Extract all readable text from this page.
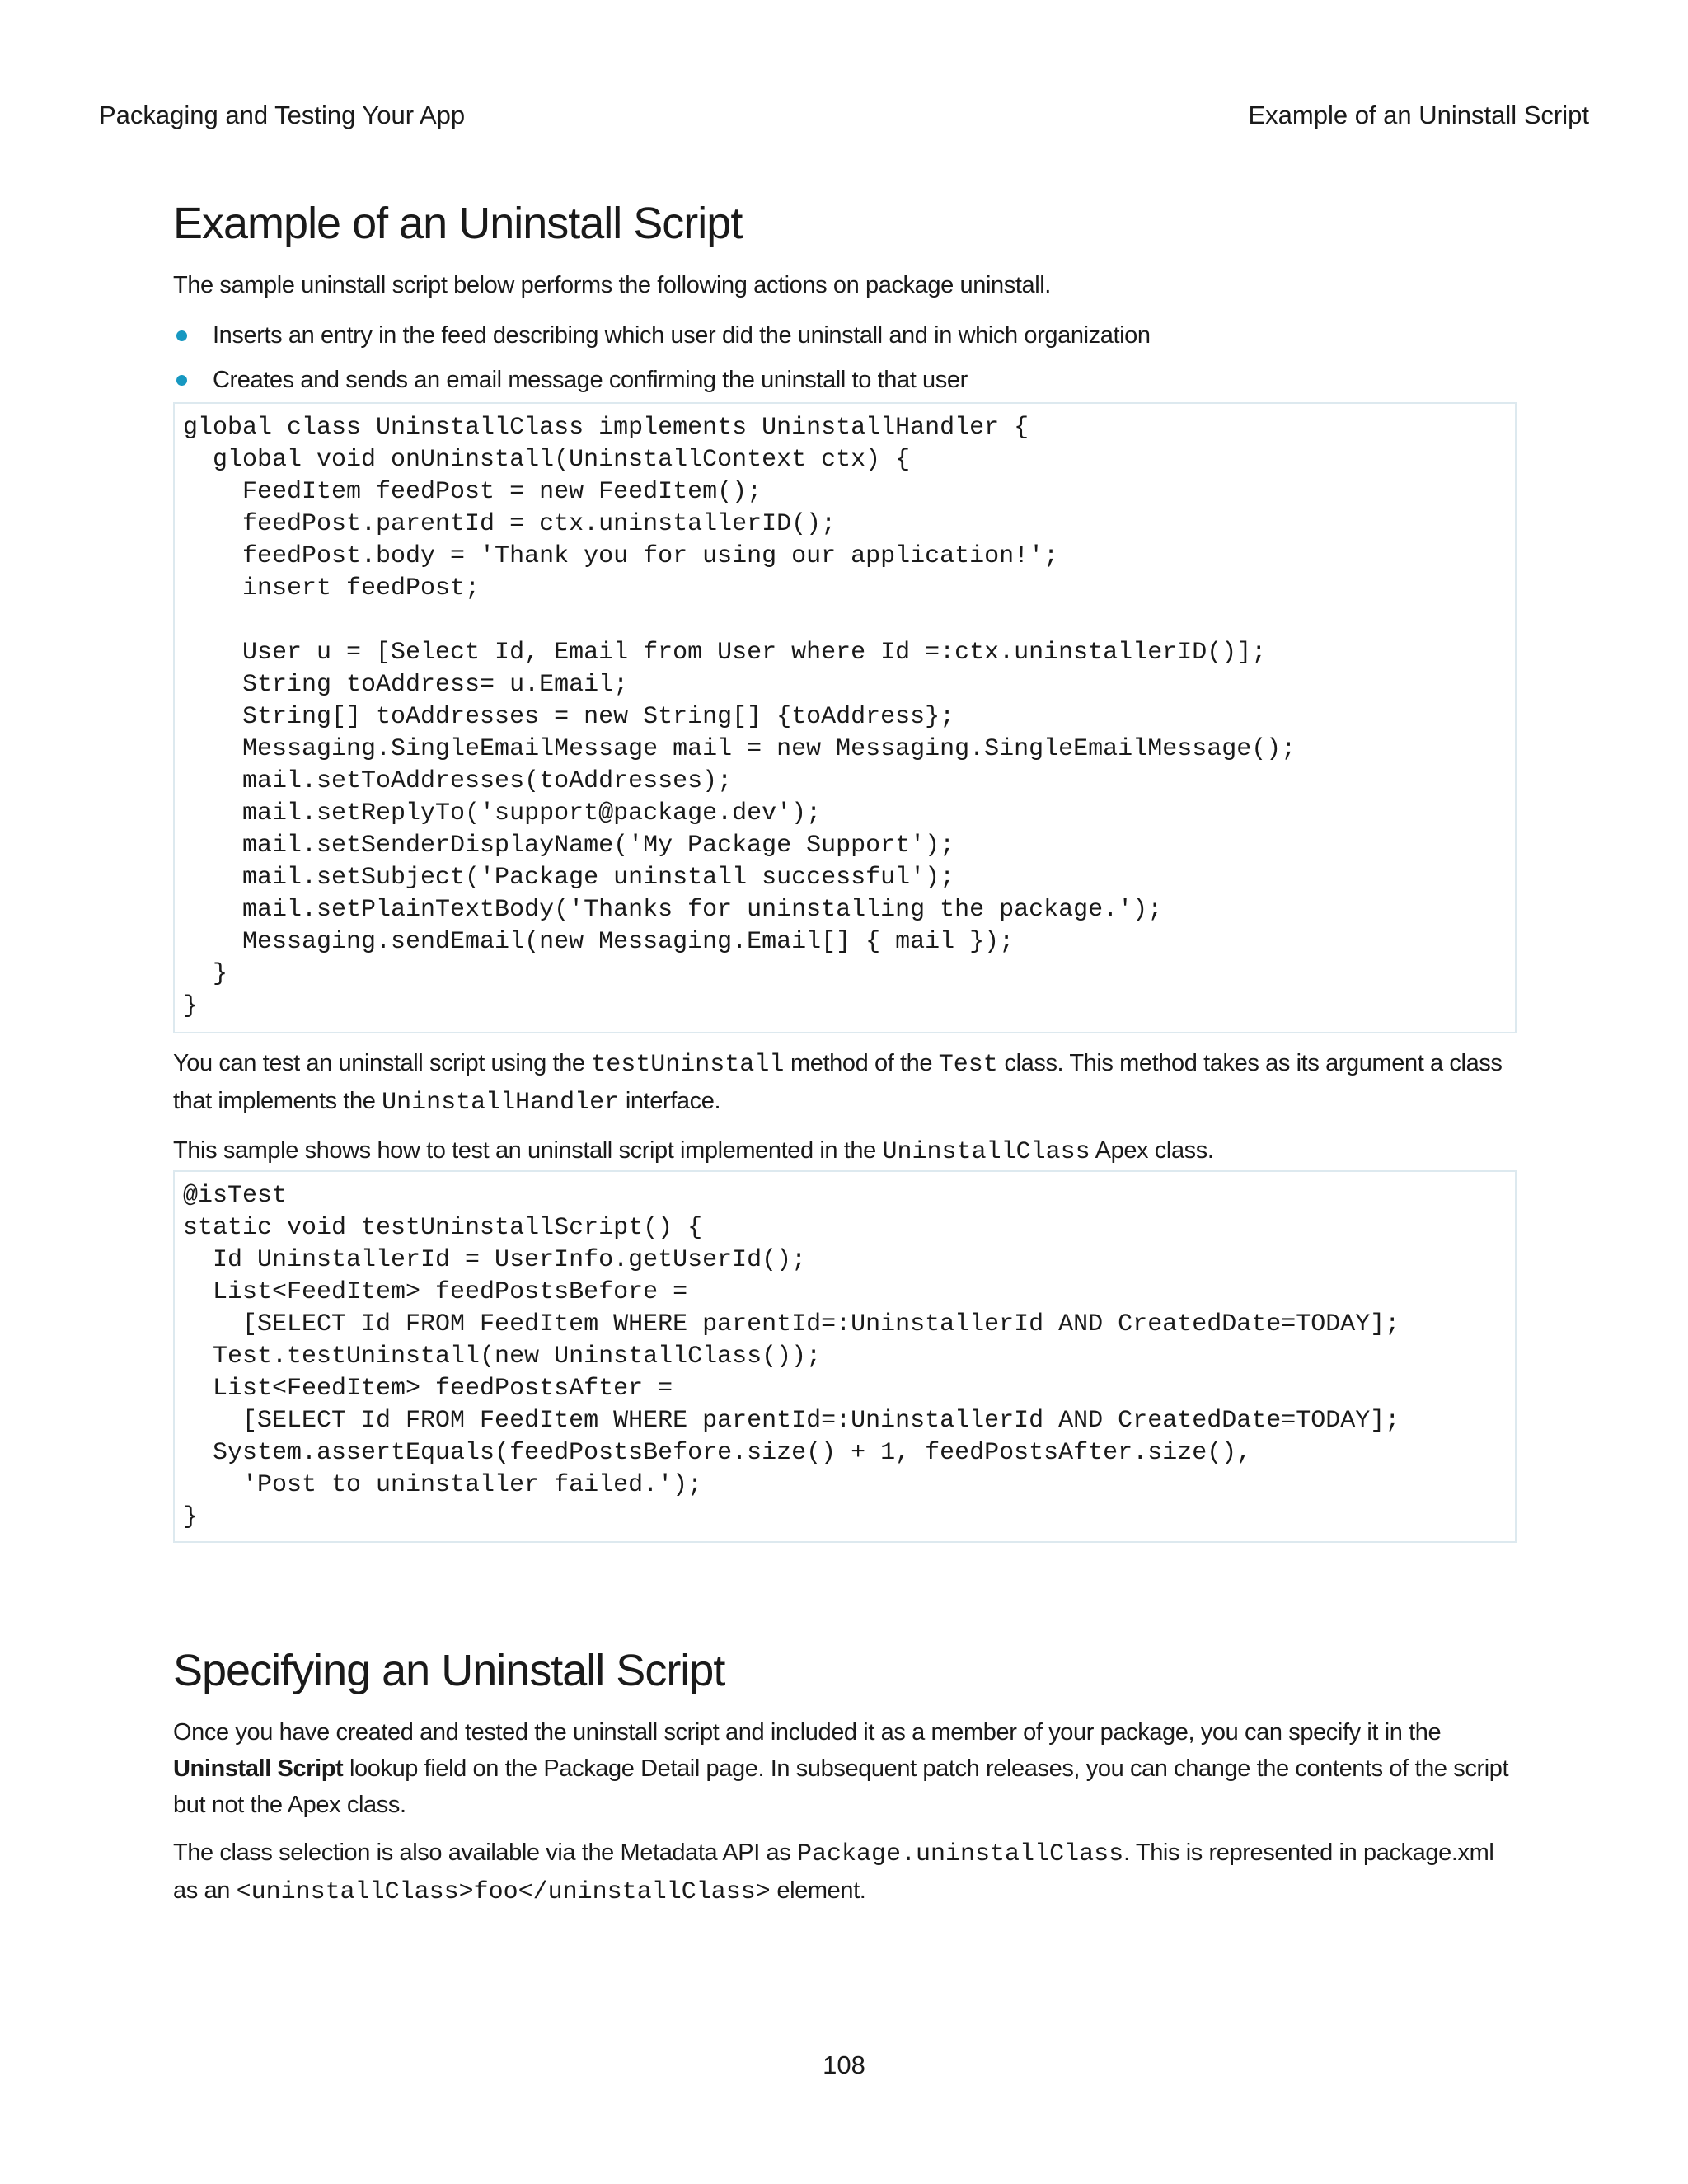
Packaging and Testing Your App	Example of an Uninstall Script
Example of an Uninstall Script

The sample uninstall script below performs the following actions on package uninstall.

Inserts an entry in the feed describing which user did the uninstall and in which organization
Creates and sends an email message confirming the uninstall to that user
global class UninstallClass implements UninstallHandler {
global void onUninstall(UninstallContext ctx) {
FeedItem feedPost = new FeedItem();
feedPost.parentId = ctx.uninstallerID();
feedPost.body = 'Thank you for using our application!';
insert feedPost;

User u = [Select Id, Email from User where Id =:ctx.uninstallerID()];
String toAddress= u.Email;
String[] toAddresses = new String[] {toAddress};
Messaging.SingleEmailMessage mail = new Messaging.SingleEmailMessage();
mail.setToAddresses(toAddresses);
mail.setReplyTo('support@package.dev');
mail.setSenderDisplayName('My Package Support');
mail.setSubject('Package uninstall successful');
mail.setPlainTextBody('Thanks for uninstalling the package.');
Messaging.sendEmail(new Messaging.Email[] { mail });
}
}

You can test an uninstall script using the testUninstall method of the Test class. This method takes as its argument a class that implements the UninstallHandler interface.

This sample shows how to test an uninstall script implemented in the UninstallClass Apex class.

@isTest
static void testUninstallScript() {
Id UninstallerId = UserInfo.getUserId();
List<FeedItem> feedPostsBefore =
[SELECT Id FROM FeedItem WHERE parentId=:UninstallerId AND CreatedDate=TODAY];
Test.testUninstall(new UninstallClass());
List<FeedItem> feedPostsAfter =
[SELECT Id FROM FeedItem WHERE parentId=:UninstallerId AND CreatedDate=TODAY];
System.assertEquals(feedPostsBefore.size() + 1, feedPostsAfter.size(),
'Post to uninstaller failed.');
}
Specifying an Uninstall Script

Once you have created and tested the uninstall script and included it as a member of your package, you can specify it in the Uninstall Script lookup field on the Package Detail page. In subsequent patch releases, you can change the contents of the script but not the Apex class.

The class selection is also available via the Metadata API as Package.uninstallClass. This is represented in package.xml as an <uninstallClass>foo</uninstallClass> element.

108
